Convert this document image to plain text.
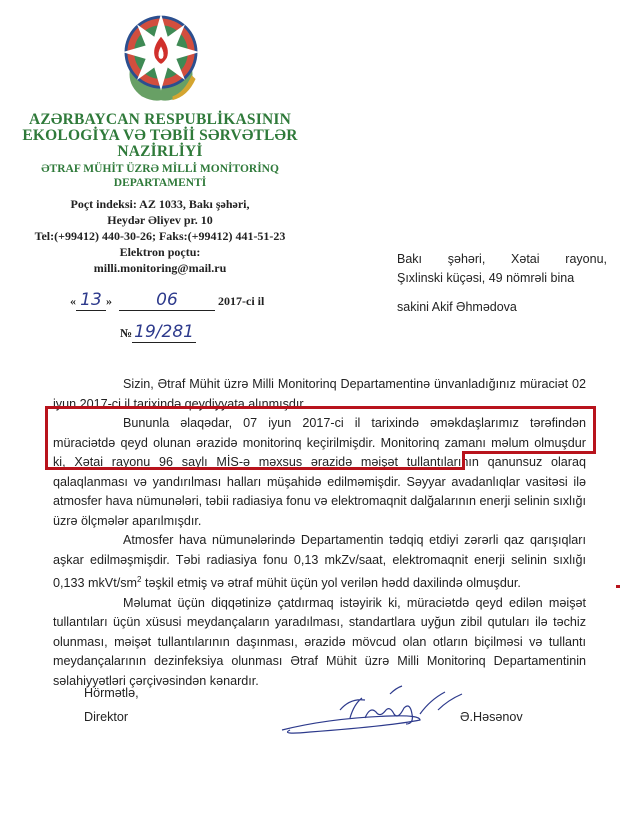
AZƏRBAYCAN RESPUBLİKASININ
EKOLOGİYA VƏ TƏBİİ SƏRVƏTLƏR
NAZİRLİYİ
ƏTRAF MÜHİT ÜZRƏ MİLLİ MONİTORİNQ
DEPARTAMENTİ
Poçt indeksi: AZ 1033, Bakı şəhəri,
Heydər Əliyev pr. 10
Tel:(+99412) 440-30-26; Faks:(+99412) 441-51-23
Elektron poçtu:
milli.monitoring@mail.ru
« 13 »	06	2017-ci il
№ 19/281
Bakı şəhəri, Xətai rayonu,
Şıxlinski küçəsi, 49 nömrəli bina
sakini Akif Əhmədova

Sizin, Ətraf Mühit üzrə Milli Monitorinq Departamentinə ünvanladığınız müraciət 02 iyun 2017-ci il tarixində qeydiyyata alınmışdır.

Bununla əlaqədar, 07 iyun 2017-ci il tarixində əməkdaşlarımız tərəfindən müraciətdə qeyd olunan ərazidə monitorinq keçirilmişdir. Monitorinq zamanı məlum olmuşdur ki, Xətai rayonu 96 saylı MİS-ə məxsus ərazidə məişət tullantılarının qanunsuz olaraq qalaqlanması və yandırılması halları müşahidə edilməmişdir. Səyyar avadanlıqlar vasitəsi ilə atmosfer hava nümunələri, təbii radiasiya fonu və elektromaqnit dalğalarının enerji selinin sıxlığı üzrə ölçmələr aparılmışdır.

Atmosfer hava nümunələrində Departamentin tədqiq etdiyi zərərli qaz qarışıqları aşkar edilməşmişdir. Təbi radiasiya fonu 0,13 mkZv/saat, elektromaqnit enerji selinin sıxlığı 0,133 mkVt/$sm^2$ təşkil etmiş və ətraf mühit üçün yol verilən hədd daxilində olmuşdur.

Məlumat üçün diqqətinizə çatdırmaq istəyirik ki, müraciətdə qeyd edilən məişət tullantıları üçün xüsusi meydançaların yaradılması, standartlara uyğun zibil qutuları ilə təchiz olunması, məişət tullantılarının daşınması, ərazidə mövcud olan otların biçilməsi və tullantı meydançalarının dezinfeksiya olunması Ətraf Mühit üzrə Milli Monitorinq Departamentinin səlahiyyətləri çərçivəsindən kənardır.

Hörmətlə,
Direktor	Ə.Həsənov
